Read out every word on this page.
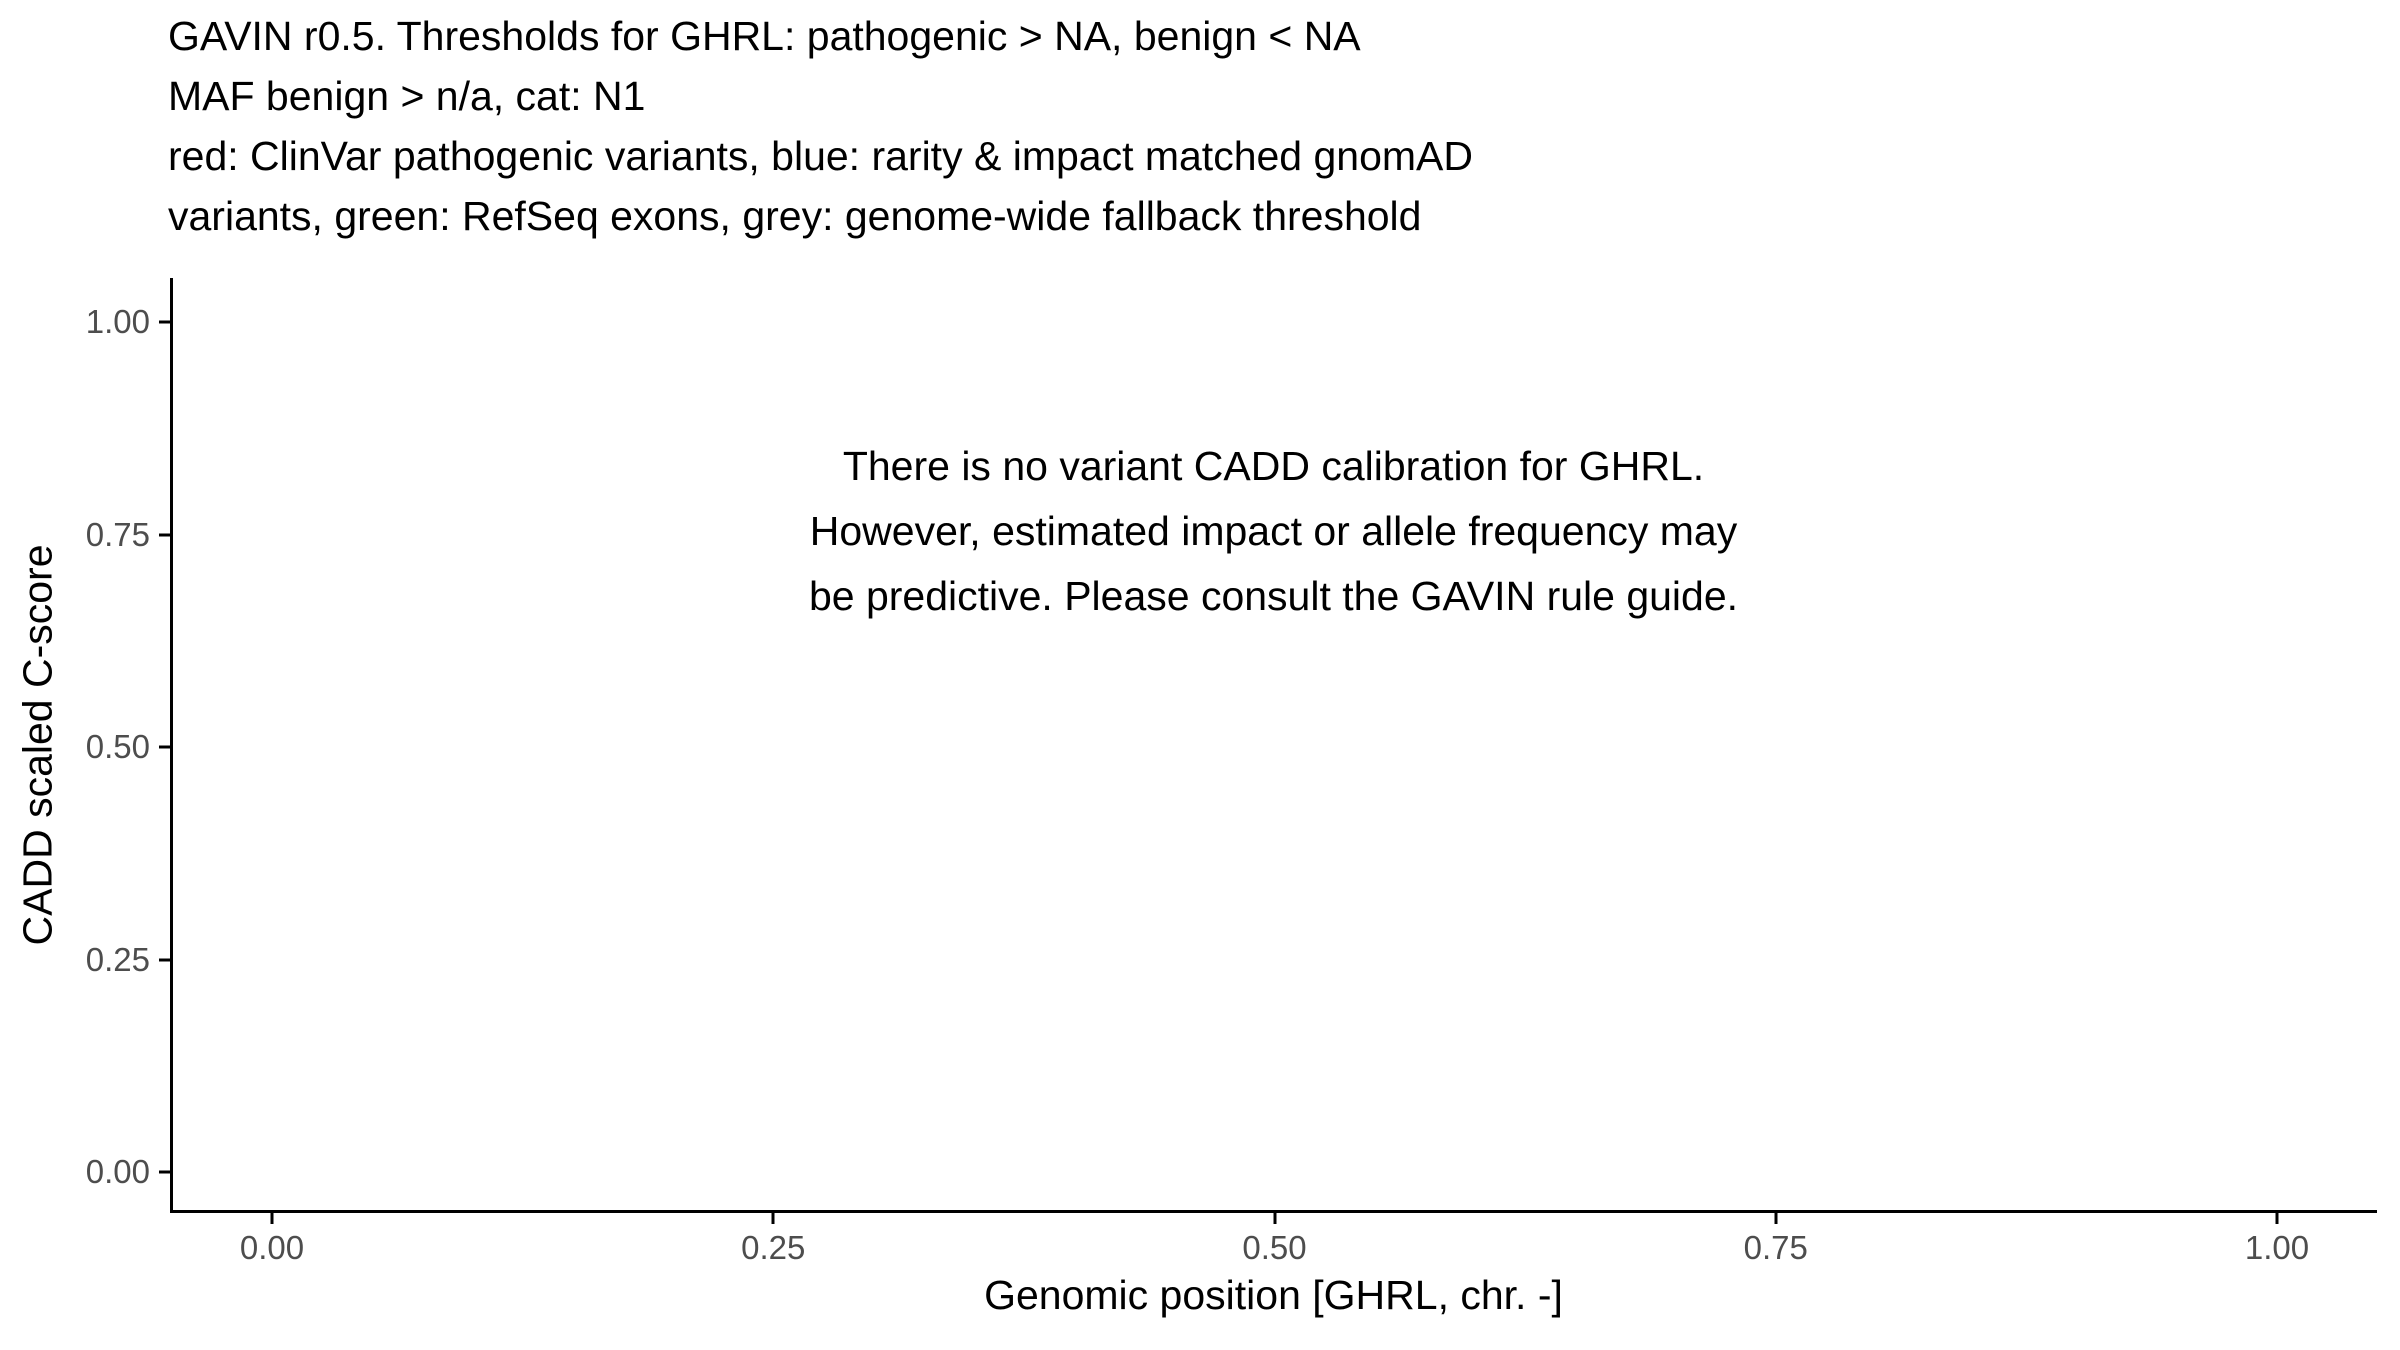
GAVIN r0.5. Thresholds for GHRL: pathogenic > NA, benign < NA
MAF benign > n/a, cat: N1
red: ClinVar pathogenic variants, blue: rarity & impact matched gnomAD
variants, green: RefSeq exons, grey: genome-wide fallback threshold
There is no variant CADD calibration for GHRL.
However, estimated impact or allele frequency may
be predictive. Please consult the GAVIN rule guide.
0.00	0.25	0.50	0.75	1.00
0.00
0.25
0.50
0.75
1.00
Genomic position [GHRL, chr. -]
CADD scaled C-score
